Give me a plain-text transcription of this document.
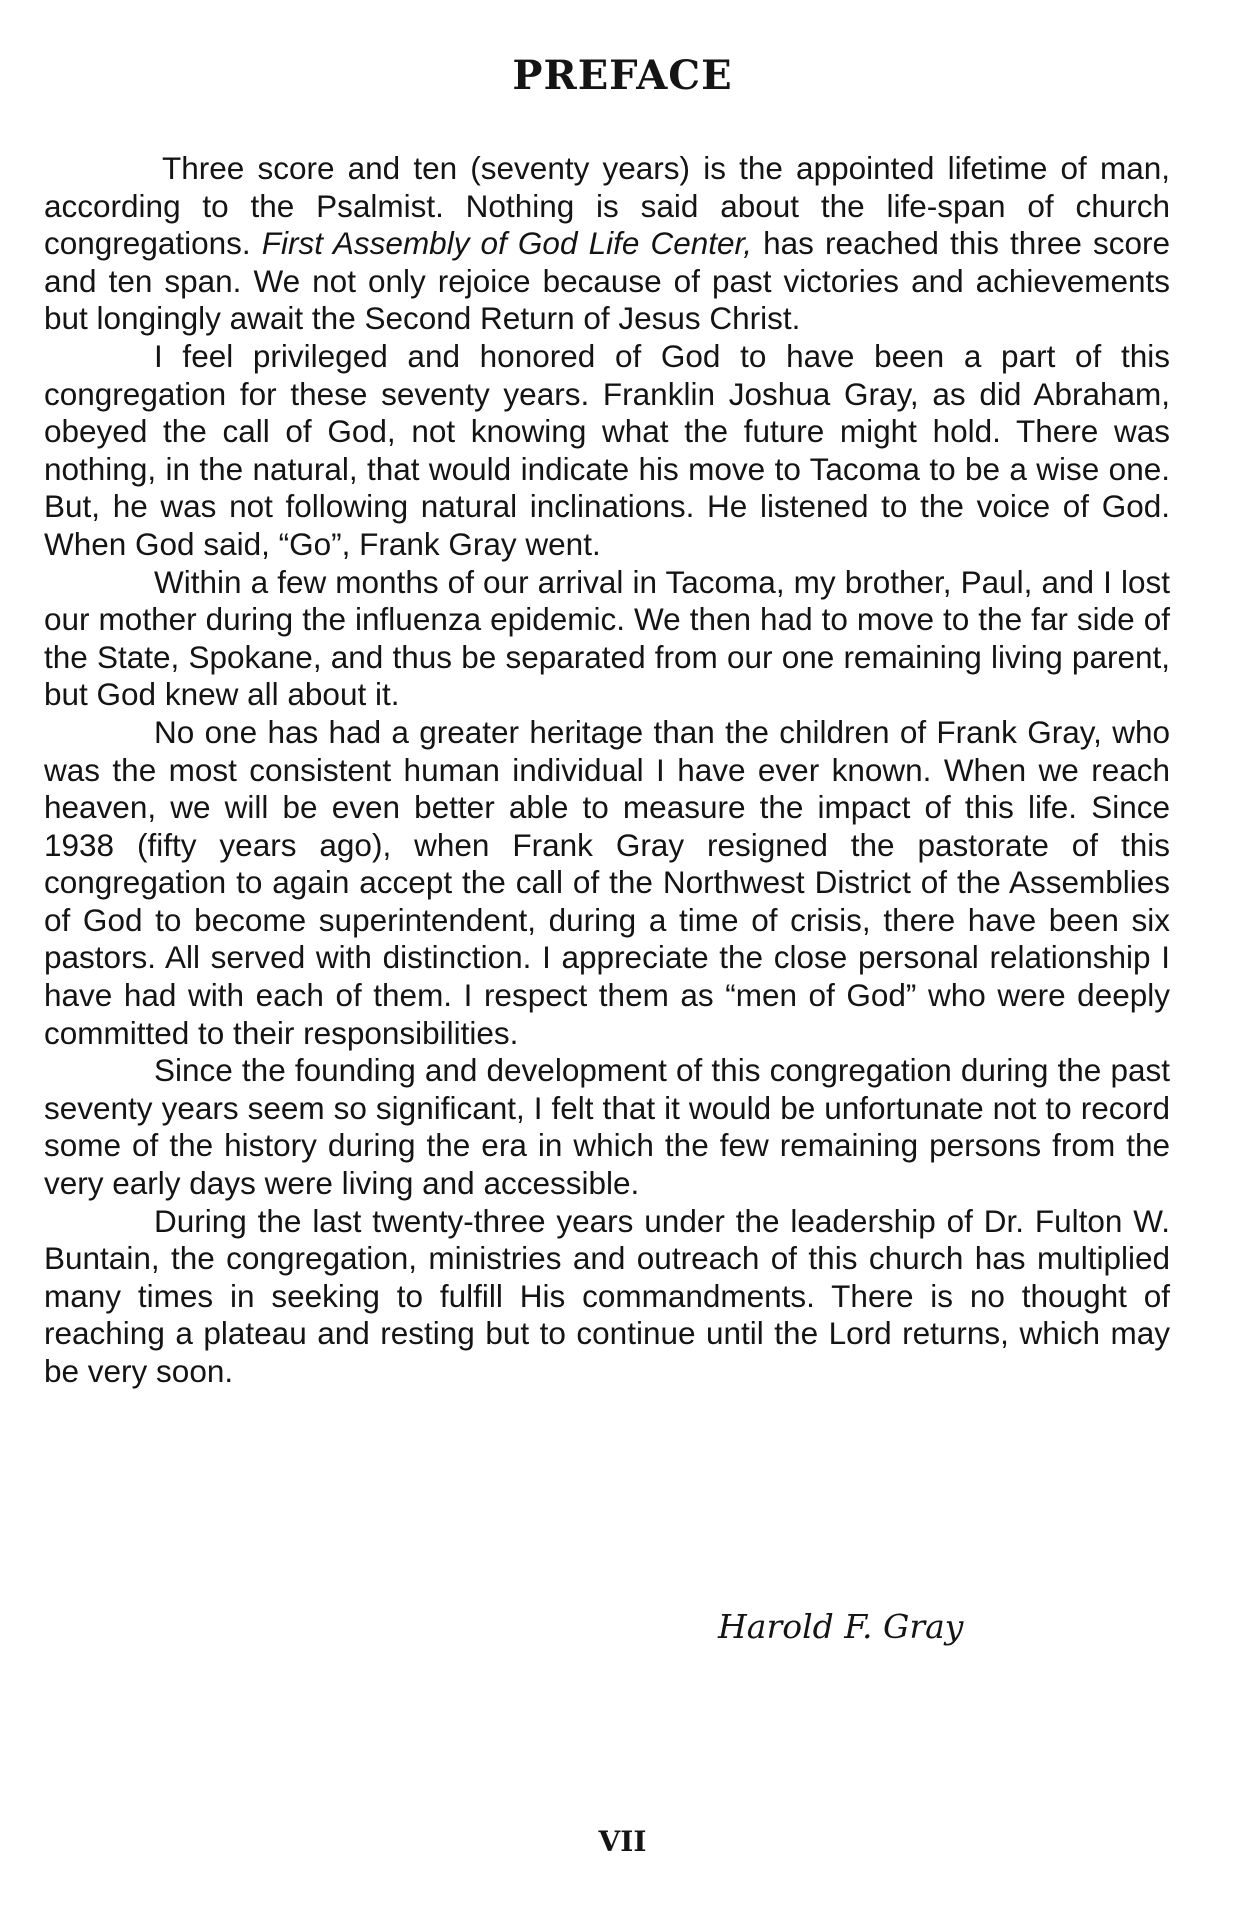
PREFACE

Three score and ten (seventy years) is the appointed lifetime of man, according to the Psalmist. Nothing is said about the life-span of church congregations. First Assembly of God Life Center, has reached this three score and ten span. We not only rejoice because of past victories and achievements but longingly await the Second Return of Jesus Christ.

I feel privileged and honored of God to have been a part of this congregation for these seventy years. Franklin Joshua Gray, as did Abraham, obeyed the call of God, not knowing what the future might hold. There was nothing, in the natural, that would indicate his move to Tacoma to be a wise one. But, he was not following natural inclinations. He listened to the voice of God. When God said, “Go”, Frank Gray went.

Within a few months of our arrival in Tacoma, my brother, Paul, and I lost our mother during the influenza epidemic. We then had to move to the far side of the State, Spokane, and thus be separated from our one remaining living parent, but God knew all about it.

No one has had a greater heritage than the children of Frank Gray, who was the most consistent human individual I have ever known. When we reach heaven, we will be even better able to measure the impact of this life. Since 1938 (fifty years ago), when Frank Gray resigned the pastorate of this congregation to again accept the call of the Northwest District of the Assemblies of God to become superintendent, during a time of crisis, there have been six pastors. All served with distinction. I appreciate the close personal relationship I have had with each of them. I respect them as “men of God” who were deeply committed to their responsibilities.

Since the founding and development of this congregation during the past seventy years seem so significant, I felt that it would be unfortunate not to record some of the history during the era in which the few remaining persons from the very early days were living and accessible.

During the last twenty-three years under the leadership of Dr. Fulton W. Buntain, the congregation, ministries and outreach of this church has multiplied many times in seeking to fulfill His commandments. There is no thought of reaching a plateau and resting but to continue until the Lord returns, which may be very soon.

Harold F. Gray

VII
